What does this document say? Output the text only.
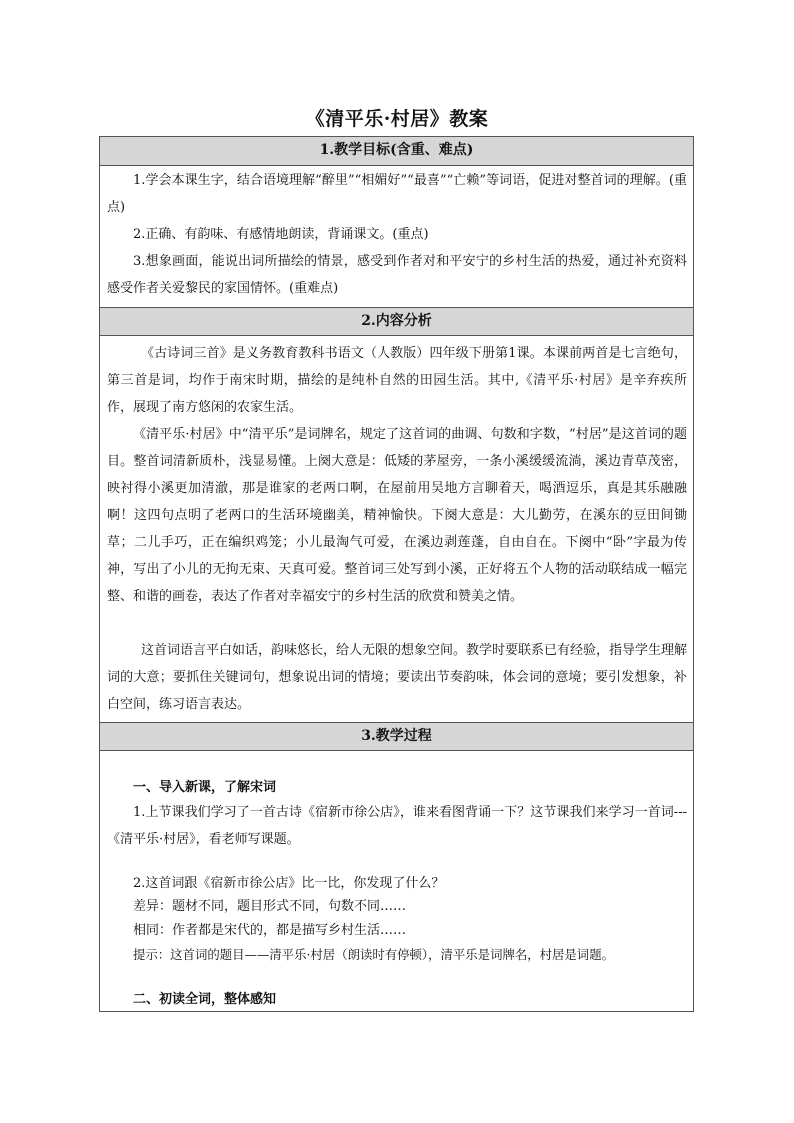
《清平乐·村居》教案
1.教学目标(含重、难点)
1.学会本课生字，结合语境理解“醉里”“相媚好”“最喜”“亡赖”等词语，促进对整首词的理解。(重点)
2.正确、有韵味、有感情地朗读，背诵课文。(重点)
3.想象画面，能说出词所描绘的情景，感受到作者对和平安宁的乡村生活的热爱，通过补充资料感受作者关爱黎民的家国情怀。(重难点)
2.内容分析
《古诗词三首》是义务教育教科书语文（人教版）四年级下册第1课。本课前两首是七言绝句，第三首是词，均作于南宋时期，描绘的是纯朴自然的田园生活。其中,《清平乐·村居》是辛弃疾所作，展现了南方悠闲的农家生活。
《清平乐·村居》中“清平乐”是词牌名，规定了这首词的曲调、句数和字数，“村居”是这首词的题目。整首词清新质朴，浅显易懂。上阕大意是：低矮的茅屋旁，一条小溪缓缓流淌，溪边青草茂密，映衬得小溪更加清澈，那是谁家的老两口啊，在屋前用吴地方言聊着天，喝酒逗乐，真是其乐融融啊！这四句点明了老两口的生活环境幽美，精神愉快。下阕大意是：大儿勤劳，在溪东的豆田间锄草；二儿手巧，正在编织鸡笼；小儿最淘气可爱，在溪边剥莲蓬，自由自在。下阕中“卧”字最为传神，写出了小儿的无拘无束、天真可爱。整首词三处写到小溪，正好将五个人物的活动联结成一幅完整、和谐的画卷，表达了作者对幸福安宁的乡村生活的欣赏和赞美之情。
这首词语言平白如话，韵味悠长，给人无限的想象空间。教学时要联系已有经验，指导学生理解词的大意；要抓住关键词句，想象说出词的情境；要读出节奏韵味，体会词的意境；要引发想象，补白空间，练习语言表达。
3.教学过程
一、导入新课，了解宋词
1.上节课我们学习了一首古诗《宿新市徐公店》，谁来看图背诵一下？这节课我们来学习一首词---《清平乐·村居》，看老师写课题。
2.这首词跟《宿新市徐公店》比一比，你发现了什么？
差异：题材不同，题目形式不同，句数不同……
相同：作者都是宋代的，都是描写乡村生活……
提示：这首词的题目——清平乐·村居（朗读时有停顿），清平乐是词牌名，村居是词题。
二、初读全词，整体感知
